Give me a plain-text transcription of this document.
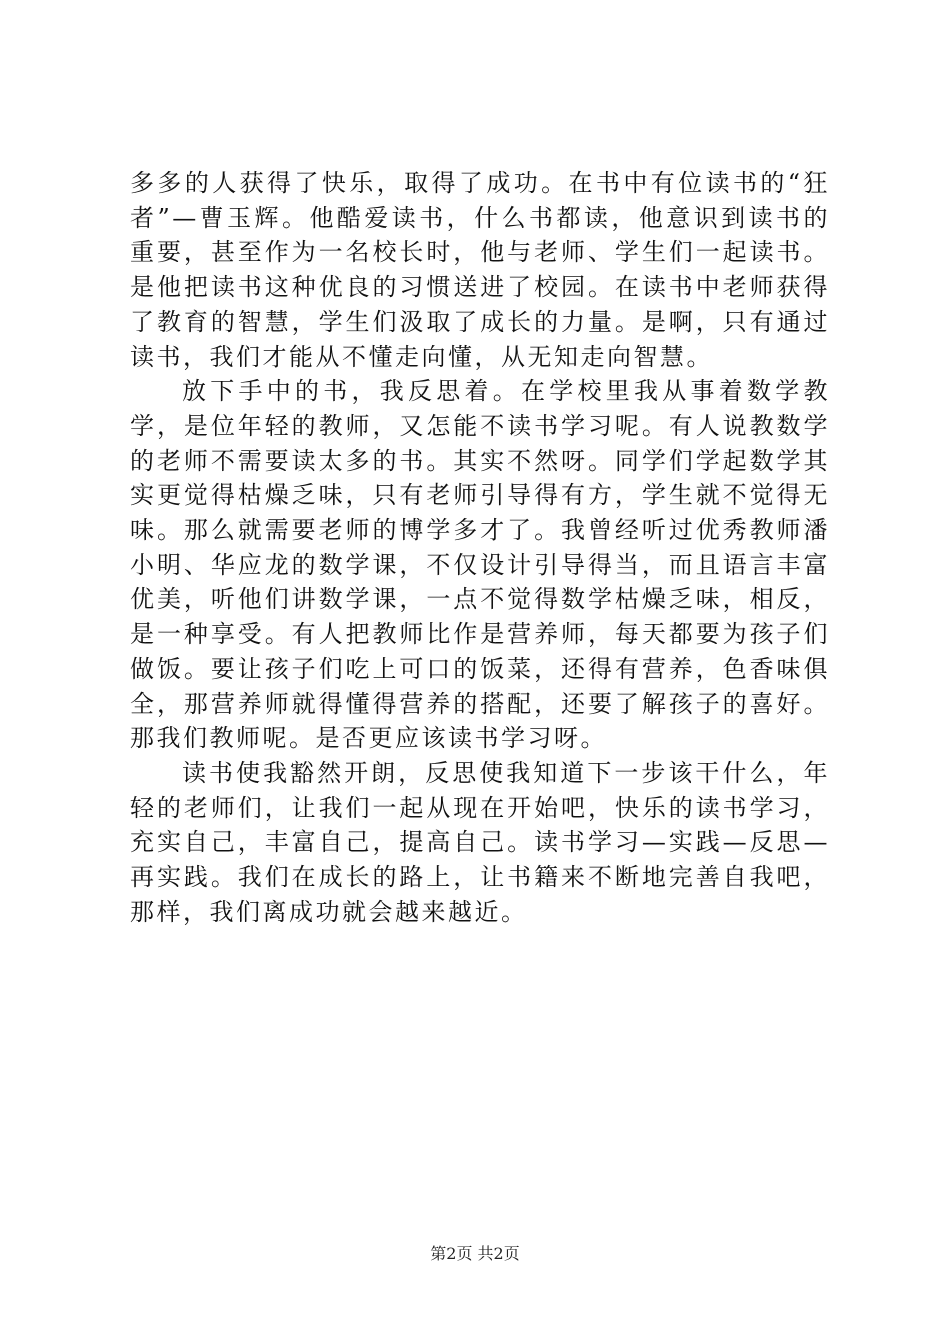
多多的人获得了快乐，取得了成功。在书中有位读书的“狂者”—曹玉辉。他酷爱读书，什么书都读，他意识到读书的重要，甚至作为一名校长时，他与老师、学生们一起读书。是他把读书这种优良的习惯送进了校园。在读书中老师获得了教育的智慧，学生们汲取了成长的力量。是啊，只有通过读书，我们才能从不懂走向懂，从无知走向智慧。

放下手中的书，我反思着。在学校里我从事着数学教学，是位年轻的教师，又怎能不读书学习呢。有人说教数学的老师不需要读太多的书。其实不然呀。同学们学起数学其实更觉得枯燥乏味，只有老师引导得有方，学生就不觉得无味。那么就需要老师的博学多才了。我曾经听过优秀教师潘小明、华应龙的数学课，不仅设计引导得当，而且语言丰富优美，听他们讲数学课，一点不觉得数学枯燥乏味，相反，是一种享受。有人把教师比作是营养师，每天都要为孩子们做饭。要让孩子们吃上可口的饭菜，还得有营养，色香味俱全，那营养师就得懂得营养的搭配，还要了解孩子的喜好。那我们教师呢。是否更应该读书学习呀。

读书使我豁然开朗，反思使我知道下一步该干什么，年轻的老师们，让我们一起从现在开始吧，快乐的读书学习，充实自己，丰富自己，提高自己。读书学习—实践—反思—再实践。我们在成长的路上，让书籍来不断地完善自我吧，那样，我们离成功就会越来越近。

第2页 共2页
